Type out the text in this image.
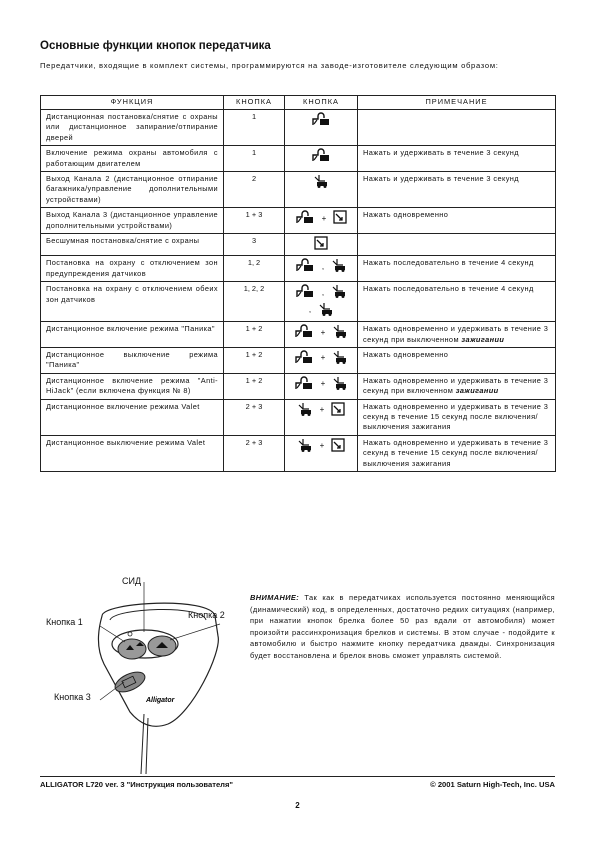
Основные функции кнопок передатчика
Передатчики, входящие в комплект системы, программируются на заводе-изготовителе следующим образом:
ФУНКЦИЯ	КНОПКА	КНОПКА	ПРИМЕЧАНИЕ
Дистанционная постановка/снятие с охраны или дистанционное запирание/отпирание дверей	1		
Включение режима охраны автомобиля с работающим двигателем	1		Нажать и удерживать в течение 3 секунд
Выход Канала 2 (дистанционное отпирание багажника/управление дополнительными устройствами)	2		Нажать и удерживать в течение 3 секунд
Выход Канала 3 (дистанционное управление дополнительными устройствами)	1 + 3	+	Нажать одновременно
Бесшумная постановка/снятие с охраны	3		
Постановка на охрану с отключением зон предупреждения датчиков	1, 2	,	Нажать последовательно в течение 4 секунд
Постановка на охрану с отключением обеих зон датчиков	1, 2, 2	,,	Нажать последовательно в течение 4 секунд
Дистанционное включение режима "Паника"	1 + 2	+	Нажать одновременно и удерживать в течение 3 секунд при выключенном зажигании
Дистанционное выключение режима "Паника"	1 + 2	+	Нажать одновременно
Дистанционное включение режима "Anti-HiJack" (если включена функция № 8)	1 + 2	+	Нажать одновременно и удерживать в течение 3 секунд при включенном зажигании
Дистанционное включение режима Valet	2 + 3	+	Нажать одновременно и удерживать в течение 3 секунд в течение 15 секунд после включения/выключения зажигания
Дистанционное выключение режима Valet	2 + 3	+	Нажать одновременно и удерживать в течение 3 секунд в течение 15 секунд после включения/выключения зажигания
Alligator
СИД
Кнопка 1
Кнопка 2
Кнопка 3
ВНИМАНИЕ: Так как в передатчиках используется постоянно меняющийся (динамический) код, в определенных, достаточно редких ситуациях (например, при нажатии кнопок брелка более 50 раз вдали от автомобиля) может произойти рассинхронизация брелков и системы. В этом случае - подойдите к автомобилю и быстро нажмите кнопку передатчика дважды. Синхронизация будет восстановлена и брелок вновь сможет управлять системой.
ALLIGATOR L720 ver. 3 "Инструкция пользователя"	© 2001 Saturn High-Tech, Inc. USA
2
